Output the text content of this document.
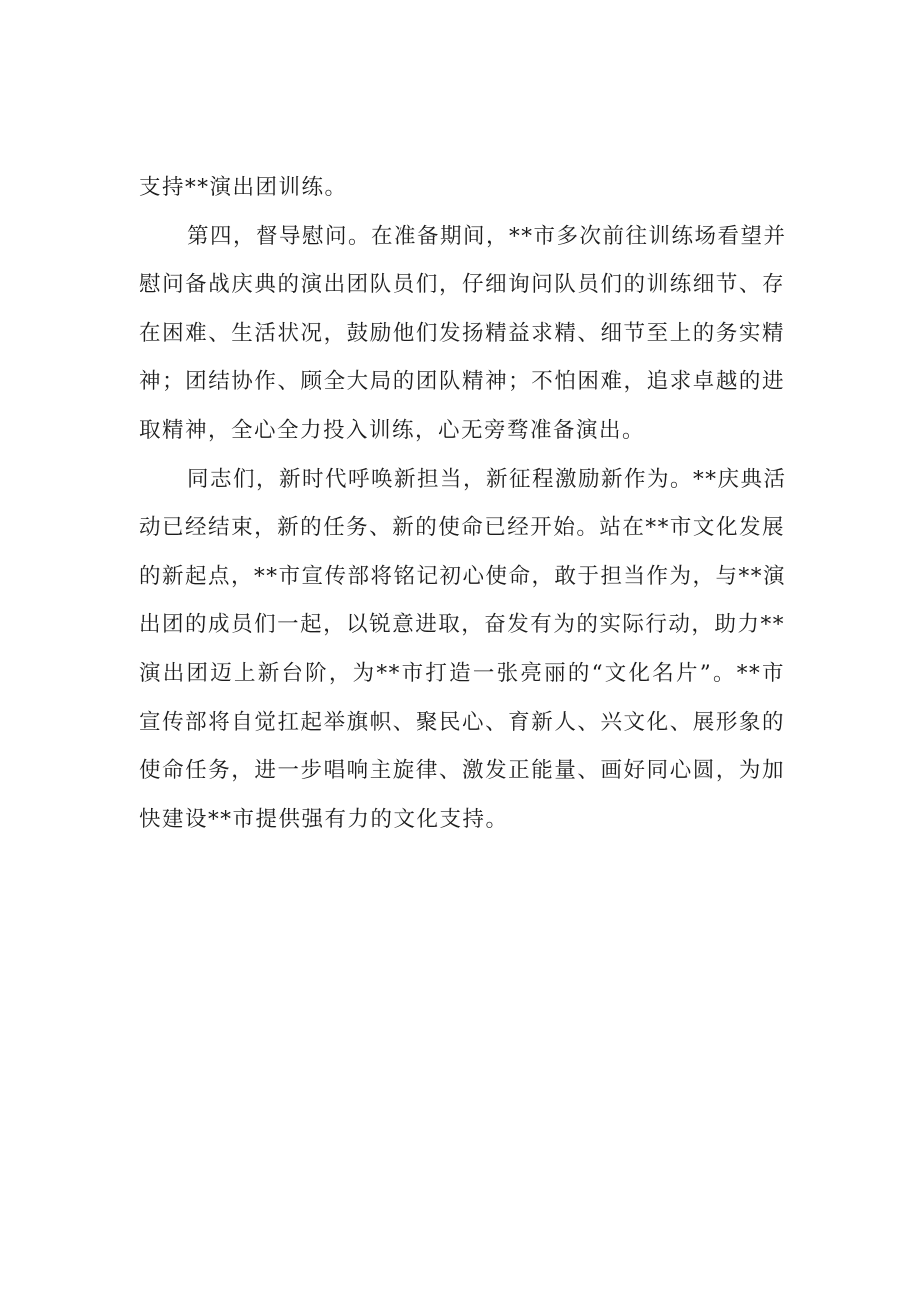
支持**演出团训练。
第四，督导慰问。在准备期间，**市多次前往训练场看望并
慰问备战庆典的演出团队员们，仔细询问队员们的训练细节、存
在困难、生活状况，鼓励他们发扬精益求精、细节至上的务实精
神；团结协作、顾全大局的团队精神；不怕困难，追求卓越的进
取精神，全心全力投入训练，心无旁骛准备演出。
同志们，新时代呼唤新担当，新征程激励新作为。**庆典活
动已经结束，新的任务、新的使命已经开始。站在**市文化发展
的新起点，**市宣传部将铭记初心使命，敢于担当作为，与**演
出团的成员们一起，以锐意进取，奋发有为的实际行动，助力**
演出团迈上新台阶，为**市打造一张亮丽的“文化名片”。**市
宣传部将自觉扛起举旗帜、聚民心、育新人、兴文化、展形象的
使命任务，进一步唱响主旋律、激发正能量、画好同心圆，为加
快建设**市提供强有力的文化支持。
